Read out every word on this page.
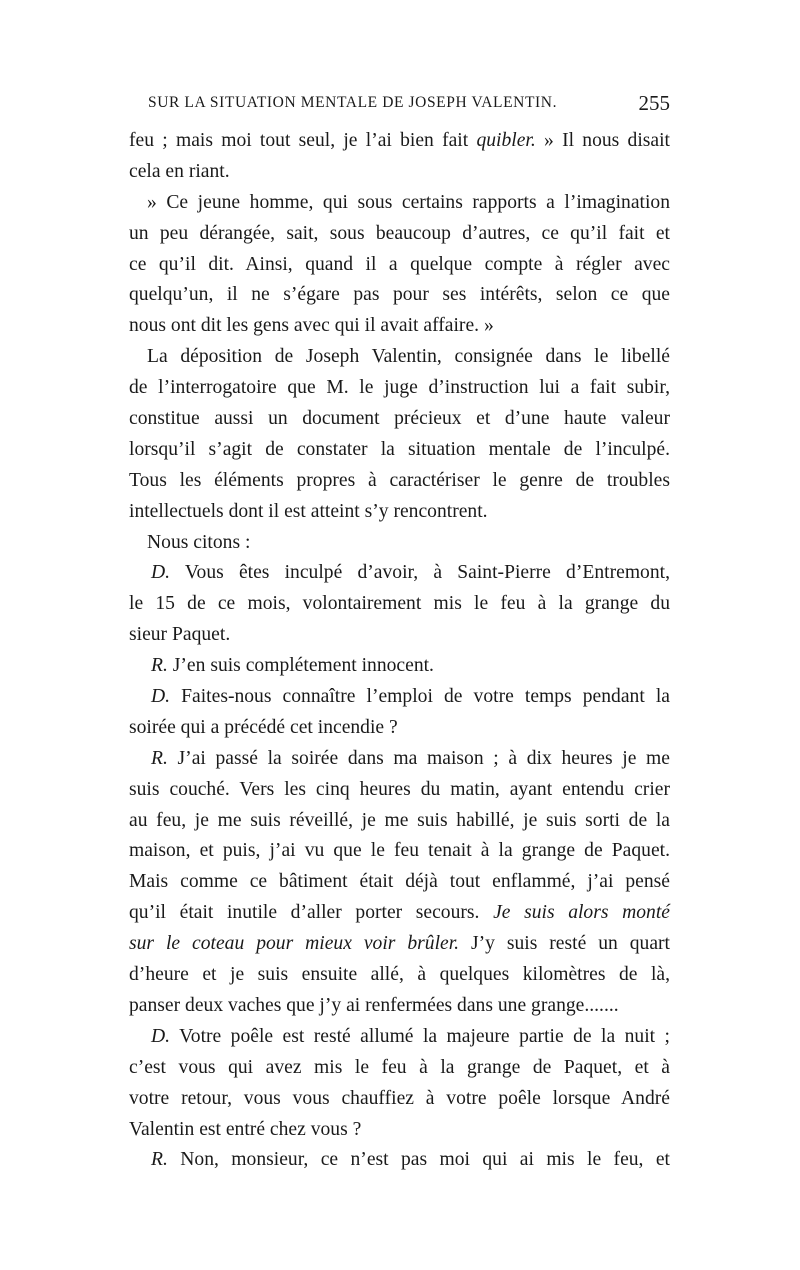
SUR LA SITUATION MENTALE DE JOSEPH VALENTIN.	255
feu ; mais moi tout seul, je l’ai bien fait quibler. » Il nous disait
cela en riant.
» Ce jeune homme, qui sous certains rapports a l’imagination
un peu dérangée, sait, sous beaucoup d’autres, ce qu’il fait et
ce qu’il dit. Ainsi, quand il a quelque compte à régler avec
quelqu’un, il ne s’égare pas pour ses intérêts, selon ce que
nous ont dit les gens avec qui il avait affaire. »
La déposition de Joseph Valentin, consignée dans le libellé
de l’interrogatoire que M. le juge d’instruction lui a fait subir,
constitue aussi un document précieux et d’une haute valeur
lorsqu’il s’agit de constater la situation mentale de l’inculpé.
Tous les éléments propres à caractériser le genre de troubles
intellectuels dont il est atteint s’y rencontrent.
Nous citons :
D. Vous êtes inculpé d’avoir, à Saint-Pierre d’Entremont,
le 15 de ce mois, volontairement mis le feu à la grange du
sieur Paquet.
R. J’en suis complétement innocent.
D. Faites-nous connaître l’emploi de votre temps pendant la
soirée qui a précédé cet incendie ?
R. J’ai passé la soirée dans ma maison ; à dix heures je me
suis couché. Vers les cinq heures du matin, ayant entendu crier
au feu, je me suis réveillé, je me suis habillé, je suis sorti de la
maison, et puis, j’ai vu que le feu tenait à la grange de Paquet.
Mais comme ce bâtiment était déjà tout enflammé, j’ai pensé
qu’il était inutile d’aller porter secours. Je suis alors monté
sur le coteau pour mieux voir brûler. J’y suis resté un quart
d’heure et je suis ensuite allé, à quelques kilomètres de là,
panser deux vaches que j’y ai renfermées dans une grange.......
D. Votre poêle est resté allumé la majeure partie de la nuit ;
c’est vous qui avez mis le feu à la grange de Paquet, et à
votre retour, vous vous chauffiez à votre poêle lorsque André
Valentin est entré chez vous ?
R. Non, monsieur, ce n’est pas moi qui ai mis le feu, et
